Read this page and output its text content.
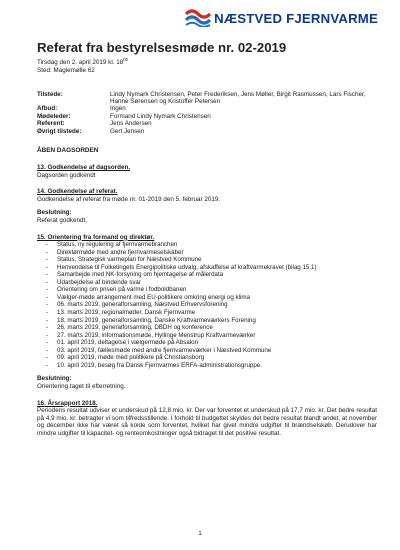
NÆSTVED FJERNVARME
Referat fra bestyrelsesmøde nr. 02-2019
Tirsdag den 2. april 2019 kl. $18^{00}$
Sted: Maglemølle 62
Tilstede:	Lindy Nymark Christensen, Peter Frederiksen, Jens Møller, Birgit Rasmussen, Lars Fischer, Hanne Sørensen og Kristoffer Petersen
Afbud:	Ingen
Mødeleder:	Formand Lindy Nymark Christensen
Referent:	Jens Andersen
Øvrigt tilstede:	Gert Jensen
ÅBEN DAGSORDEN
13. Godkendelse af dagsorden.
Dagsorden godkendt
14. Godkendelse af referat.
Godkendelse af referat fra møde nr. 01-2019 den 5. februar 2019.
Beslutning:
Referat godkendt.
15. Orientering fra formand og direktør.
- Status, ny regulering af fjernvarmebranchen
- Direktørmøde med andre fjernvarmeselskaber
- Status, Strategisk varmeplan for Næstved Kommune
- Henvendelse til Folketingets Energipolitiske udvalg, afskaffelse af kraftvarmekravet (bilag 15.1)
- Samarbejde med NK-forsyning om hjemtagelse af målerdata
- Udarbejdelse af bindende svar
- Orientering om prisen på varme i fodboldbanen
- Vælger-møde arrangement med EU-politikere omkring energi og klima
- 06. marts 2019, generalforsamling, Næstved Erhvervsforening
- 13. marts 2019, regionalmøder, Dansk Fjernvarme
- 18. marts 2019, generalforsamling, Danske Kraftvarmeværkers Forening
- 26. marts 2019, generalforsamling, DBDH og konference
- 27. marts 2019, informationsmøde, Hyllinge Menstrup Kraftvarmeværker
- 01. april 2019, deltagelse i vælgermøde på Absalon
- 03. april 2019, fællesmøde med andre fjernvarmeværker i Næstved Kommune
- 09. april 2019, møde med politikere på Christiansborg
- 10. april 2019, besøg fra Dansk Fjernvarmes ERFA-administrationsgruppe.
Beslutning:
Orientering taget til efterretning.
16. Årsrapport 2018.
Periodens resultat udviser et underskud på 12,8 mio. kr. Der var forventet et underskud på 17,7 mio. kr. Det bedre resultat på 4,9 mio. kr. betragter vi som tilfredsstillende. I forhold til budgettet skyldes det bedre resultat blandt andet, at november og december ikke har været så kolde som forventet, hvilket har givet mindre udgifter til brændselskøb. Derudover har mindre udgifter til kapacitet- og renteomkostninger også bidraget til det positive resultat.
1
